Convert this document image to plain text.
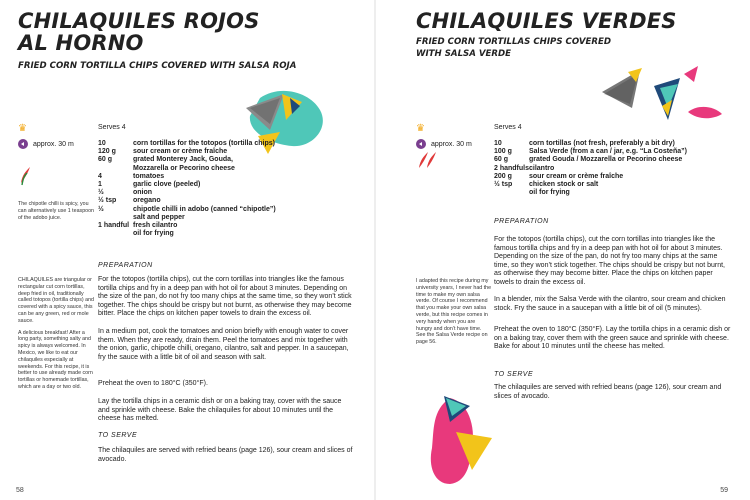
CHILAQUILES ROJOS
AL HORNO
FRIED CORN TORTILLA CHIPS COVERED WITH SALSA ROJA
♛
approx. 30 m

The chipotle chilli is spicy, you can alternatively use 1 teaspoon of the adobo juice.

CHILAQUILES are triangular or rectangular cut corn tortillas, deep fried in oil, traditionally called totopos (tortilla chips) and covered with a spicy sauce, this can be any green, red or mole sauce.

A delicious breakfast! After a long party, something salty and spicy is always welcomed. In Mexico, we like to eat our chilaquiles especially at weekends. For this recipe, it is better to use already made corn tortillas or homemade tortillas, which are a day or two old.

Serves 4
10	corn tortillas for the totopos (tortilla chips)
120 g	sour cream or crème fraîche
60 g	grated Monterey Jack, Gouda,
	Mozzarella or Pecorino cheese
4	tomatoes
1	garlic clove (peeled)
½	onion
½ tsp	oregano
½	chipotle chilli in adobo (canned “chipotle”)
	salt and pepper
1 handful	fresh cilantro
	oil for frying
PREPARATION

For the totopos (tortilla chips), cut the corn tortillas into triangles like the famous tortilla chips and fry in a deep pan with hot oil for about 3 minutes. Depending on the size of the pan, do not fry too many chips at the same time, so they won’t stick together. The chips should be crispy but not burnt, as otherwise they may become bitter. Place the chips on kitchen paper towels to drain the excess oil.

In a medium pot, cook the tomatoes and onion briefly with enough water to cover them. When they are ready, drain them. Peel the tomatoes and mix together with the onion, garlic, chipotle chilli, oregano, cilantro, salt and pepper. In a saucepan, fry the sauce with a little bit of oil and season with salt.

Preheat the oven to 180°C (350°F).

Lay the tortilla chips in a ceramic dish or on a baking tray, cover with the sauce and sprinkle with cheese. Bake the chilaquiles for about 10 minutes until the cheese has melted.

TO SERVE

The chilaquiles are served with refried beans (page 126), sour cream and slices of avocado.

58
CHILAQUILES VERDES
FRIED CORN TORTILLAS CHIPS COVERED
WITH SALSA VERDE
♛
approx. 30 m

I adapted this recipe during my university years, I never had the time to make my own salsa verde. Of course I recommend that you make your own salsa verde, but this recipe comes in very handy when you are hungry and don’t have time. See the Salsa Verde recipe on page 56.

Serves 4
10	corn tortillas (not fresh, preferably a bit dry)
100 g	Salsa Verde (from a can / jar, e.g. “La Costeña”)
60 g	grated Gouda / Mozzarella or Pecorino cheese
2 handfuls	cilantro
200 g	sour cream or crème fraîche
½ tsp	chicken stock or salt
	oil for frying
PREPARATION

For the totopos (tortilla chips), cut the corn tortillas into triangles like the famous tortilla chips and fry in a deep pan with hot oil for about 3 minutes. Depending on the size of the pan, do not fry too many chips at the same time, so they won’t stick together. The chips should be crispy but not burnt, as otherwise they may become bitter. Place the chips on kitchen paper towels to drain the excess oil.

In a blender, mix the Salsa Verde with the cilantro, sour cream and chicken stock. Fry the sauce in a saucepan with a little bit of oil (5 minutes).

Preheat the oven to 180°C (350°F). Lay the tortilla chips in a ceramic dish or on a baking tray, cover them with the green sauce and sprinkle with cheese. Bake for about 10 minutes until the cheese has melted.

TO SERVE

The chilaquiles are served with refried beans (page 126), sour cream and slices of avocado.

59
